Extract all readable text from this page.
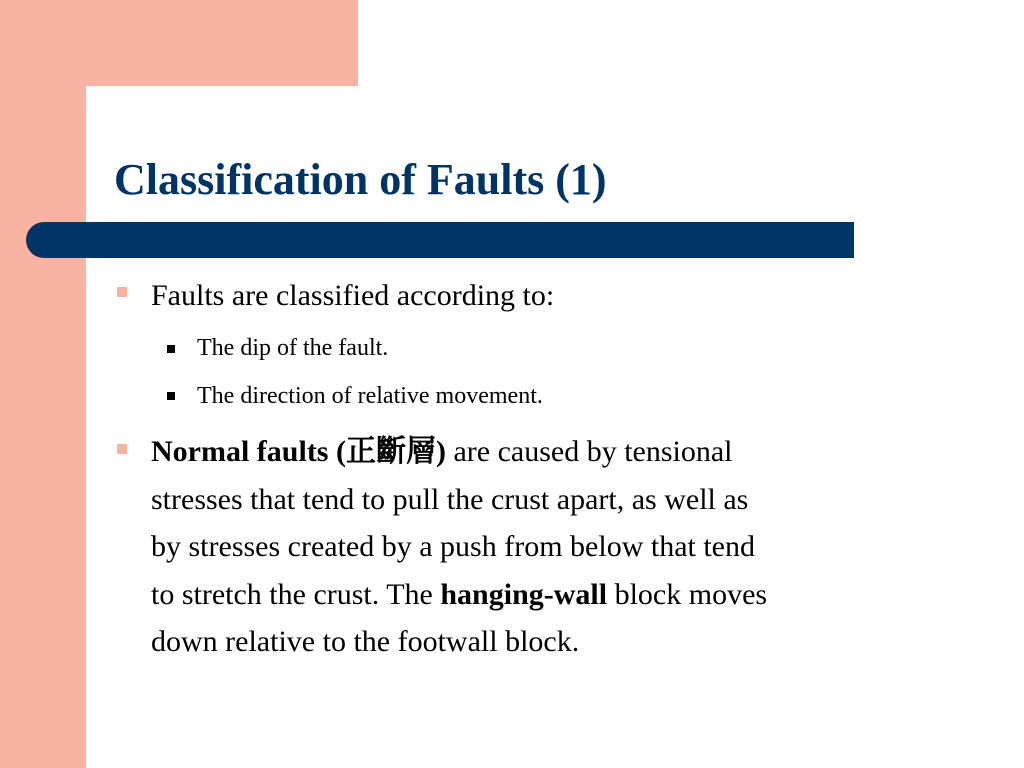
Classification of Faults (1)
Faults are classified according to:
The dip of the fault.
The direction of relative movement.
Normal faults (正斷層) are caused by tensional
stresses that tend to pull the crust apart, as well as
by stresses created by a push from below that tend
to stretch the crust. The hanging-wall block moves
down relative to the footwall block.
